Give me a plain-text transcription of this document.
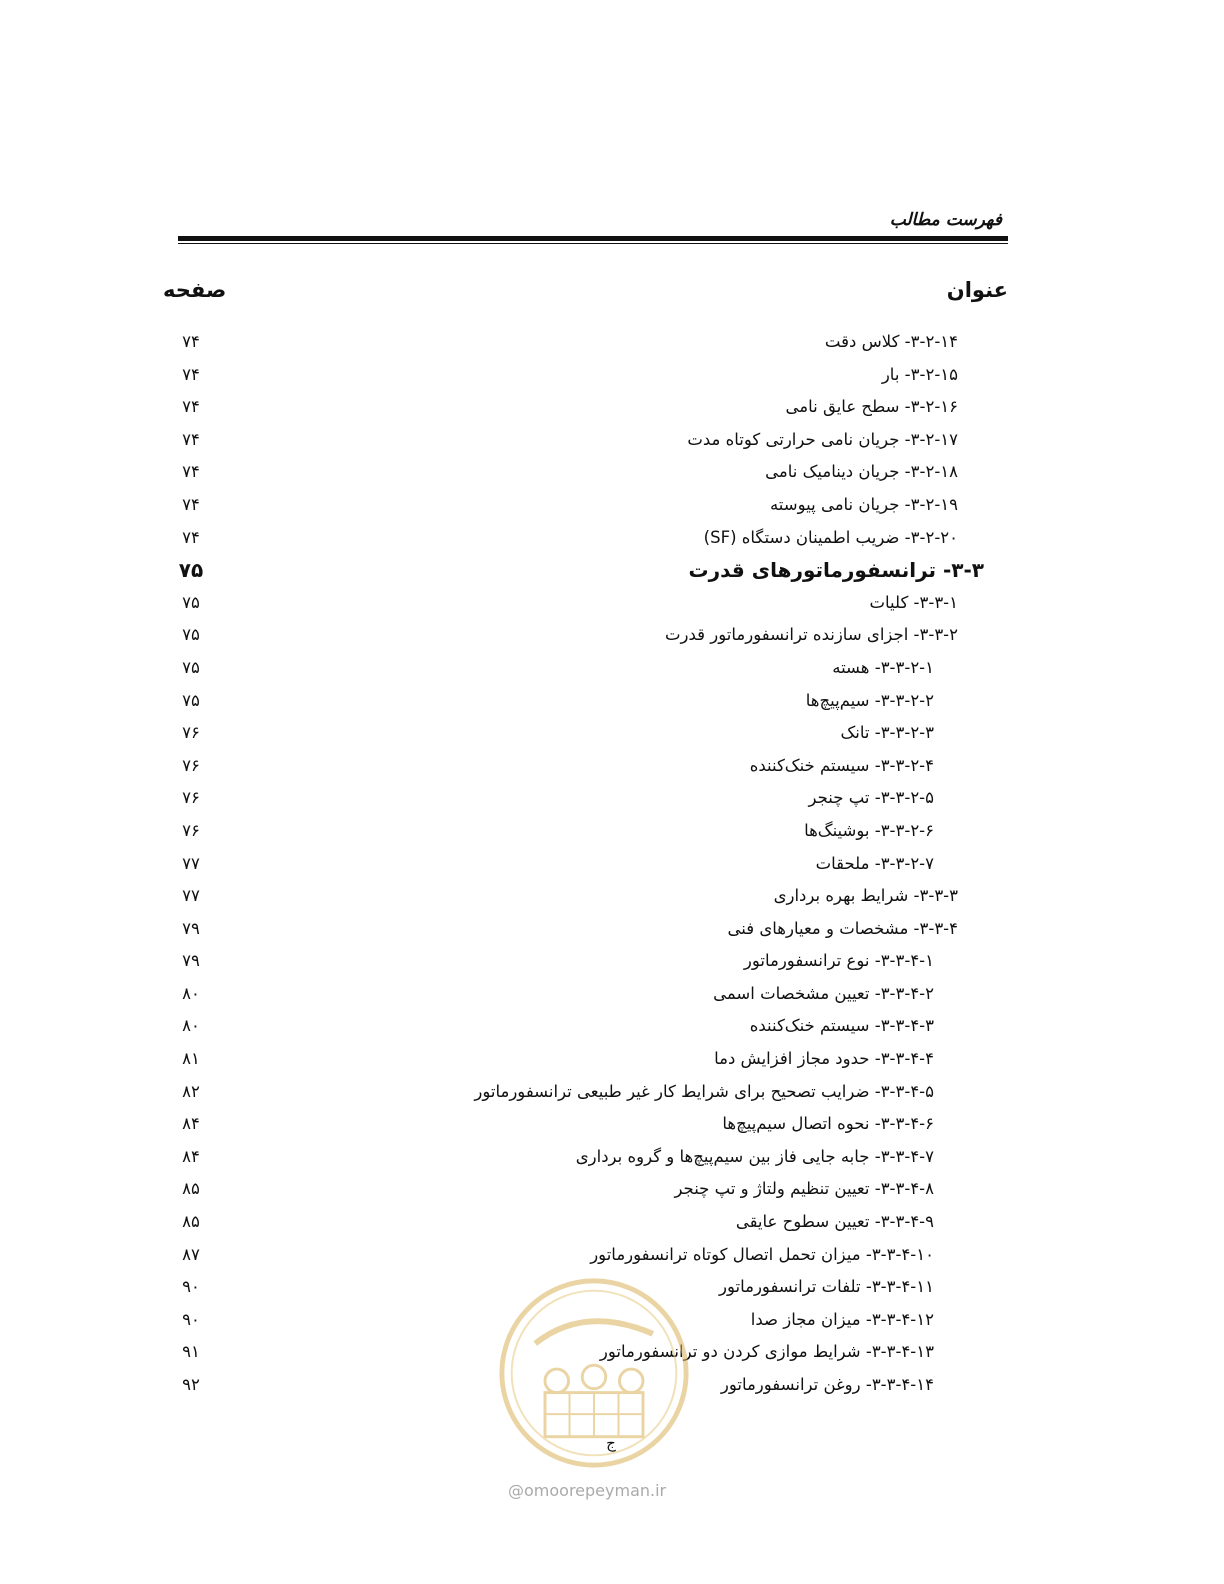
فهرست مطالب
عنوان
صفحه
۳-۲-۱۴- کلاس دقت
۷۴
۳-۲-۱۵- بار
۷۴
۳-۲-۱۶- سطح عایق نامی
۷۴
۳-۲-۱۷- جریان نامی حرارتی کوتاه مدت
۷۴
۳-۲-۱۸- جریان دینامیک نامی
۷۴
۳-۲-۱۹- جریان نامی پیوسته
۷۴
۳-۲-۲۰- ضریب اطمینان دستگاه (SF)
۷۴
۳-۳- ترانسفورماتورهای قدرت
۷۵
۳-۳-۱- کلیات
۷۵
۳-۳-۲- اجزای سازنده ترانسفورماتور قدرت
۷۵
۳-۳-۲-۱- هسته
۷۵
۳-۳-۲-۲- سیم‌پیچ‌ها
۷۵
۳-۳-۲-۳- تانک
۷۶
۳-۳-۲-۴- سیستم خنک‌کننده
۷۶
۳-۳-۲-۵- تپ چنجر
۷۶
۳-۳-۲-۶- بوشینگ‌ها
۷۶
۳-۳-۲-۷- ملحقات
۷۷
۳-۳-۳- شرایط بهره برداری
۷۷
۳-۳-۴- مشخصات و معیارهای فنی
۷۹
۳-۳-۴-۱- نوع ترانسفورماتور
۷۹
۳-۳-۴-۲- تعیین مشخصات اسمی
۸۰
۳-۳-۴-۳- سیستم خنک‌کننده
۸۰
۳-۳-۴-۴- حدود مجاز افزایش دما
۸۱
۳-۳-۴-۵- ضرایب تصحیح برای شرایط کار غیر طبیعی ترانسفورماتور
۸۲
۳-۳-۴-۶- نحوه اتصال سیم‌پیچ‌ها
۸۴
۳-۳-۴-۷- جابه جایی فاز بین سیم‌پیچ‌ها و گروه برداری
۸۴
۳-۳-۴-۸- تعیین تنظیم ولتاژ و تپ چنجر
۸۵
۳-۳-۴-۹- تعیین سطوح عایقی
۸۵
۳-۳-۴-۱۰- میزان تحمل اتصال کوتاه ترانسفورماتور
۸۷
۳-۳-۴-۱۱- تلفات ترانسفورماتور
۹۰
۳-۳-۴-۱۲- میزان مجاز صدا
۹۰
۳-۳-۴-۱۳- شرایط موازی کردن دو ترانسفورماتور
۹۱
۳-۳-۴-۱۴- روغن ترانسفورماتور
۹۲
ج
@omoorepeyman.ir
